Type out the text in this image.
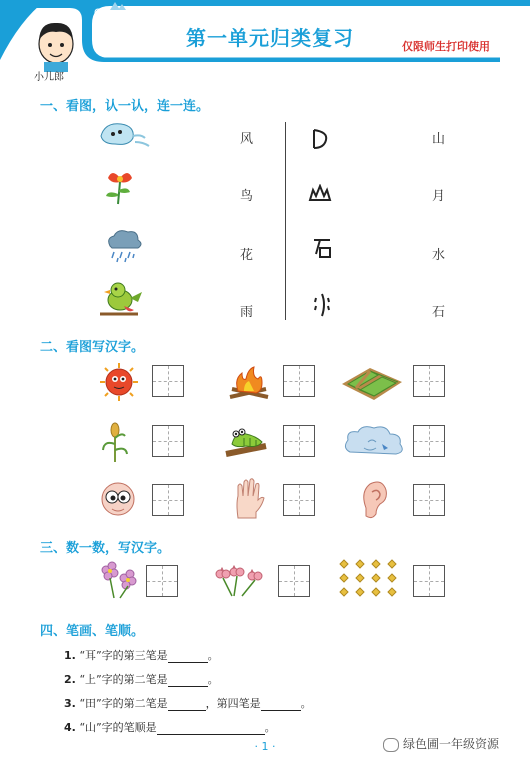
小儿郎
第一单元归类复习	仅限师生打印使用
一、看图，认一认，连一连。
风
鸟
花
雨
山
月
水
石
二、看图写汉字。
三、数一数，写汉字。
四、笔画、笔顺。
1. “耳”字的第三笔是	。
2. “上”字的第二笔是	。
3. “田”字的第二笔是	，第四笔是	。
4. “山”字的笔顺是	。
· 1 ·	绿色圃一年级资源
